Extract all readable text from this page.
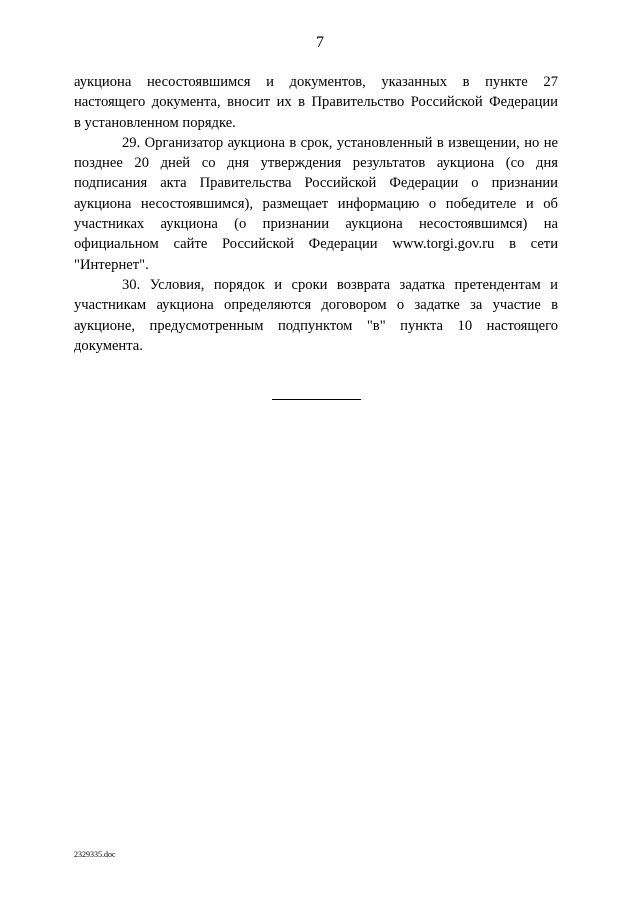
7
аукциона несостоявшимся и документов, указанных в пункте 27
настоящего документа, вносит их в Правительство Российской Федерации
в установленном порядке.
29. Организатор аукциона в срок, установленный в извещении, но не
позднее 20 дней со дня утверждения результатов аукциона (со дня
подписания акта Правительства Российской Федерации о признании
аукциона несостоявшимся), размещает информацию о победителе и об
участниках аукциона (о признании аукциона несостоявшимся) на
официальном сайте Российской Федерации www.torgi.gov.ru в сети
"Интернет".
30. Условия, порядок и сроки возврата задатка претендентам и
участникам аукциона определяются договором о задатке за участие в
аукционе, предусмотренным подпунктом "в" пункта 10 настоящего
документа.
2329335.doc
